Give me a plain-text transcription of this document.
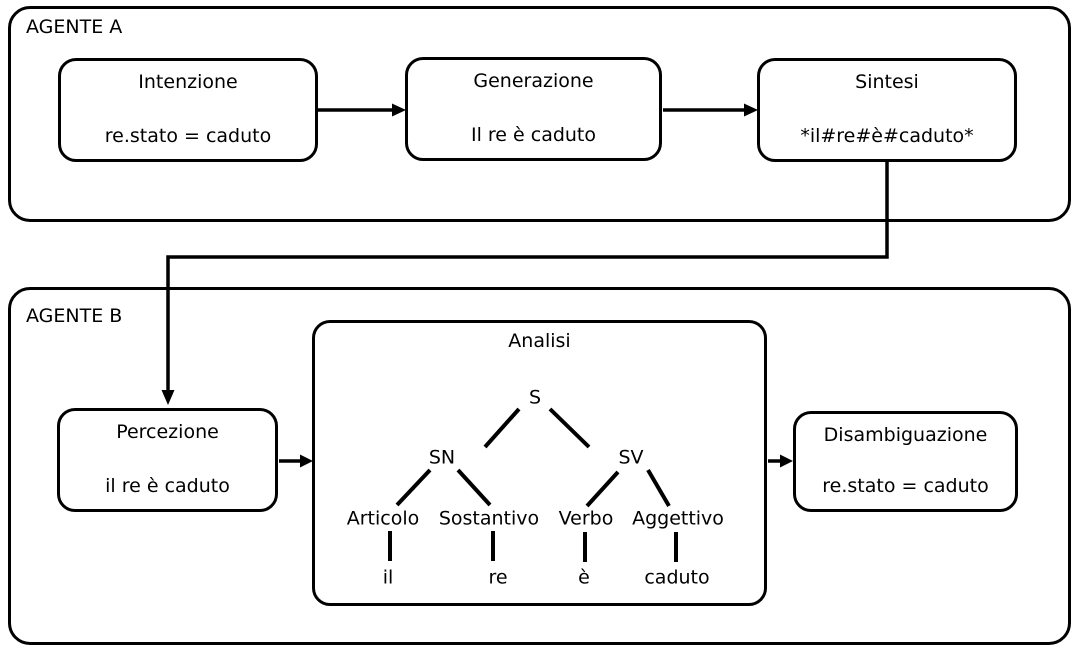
AGENTE A
AGENTE B
Intenzione
re.stato = caduto
Generazione
Il re è caduto
Sintesi
*il#re#è#caduto*
Percezione
il re è caduto
Analisi
Disambiguazione
re.stato = caduto
S
SN	SV
Articolo Sostantivo Verbo Aggettivo
il	re	è	caduto
